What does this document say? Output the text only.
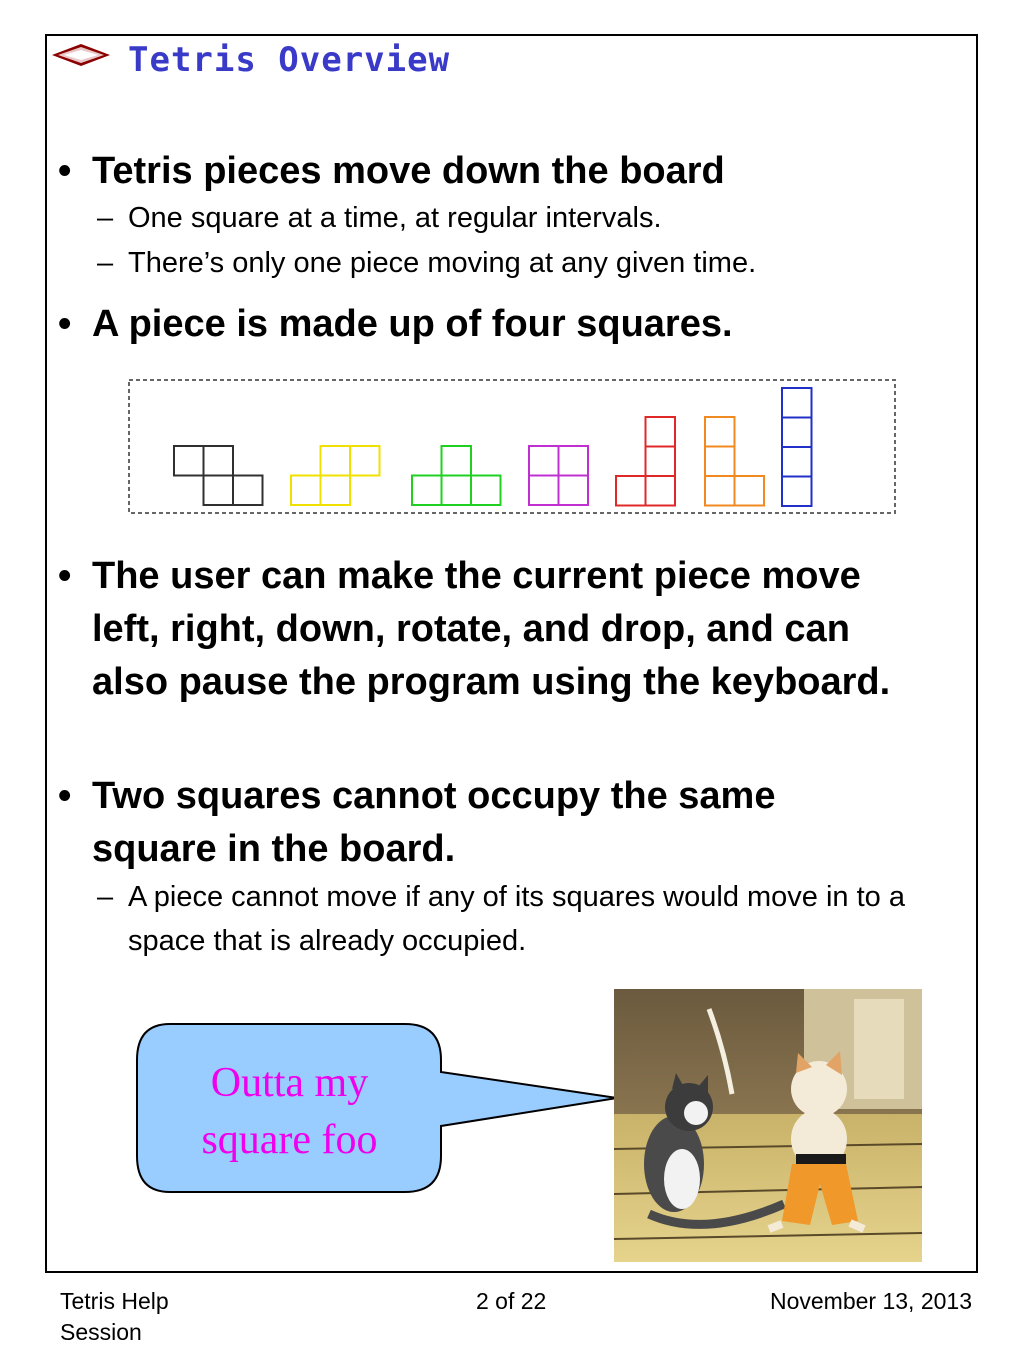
Tetris Overview
• Tetris pieces move down the board
– One square at a time, at regular intervals.
– There’s only one piece moving at any given time.
• A piece is made up of four squares.
• The user can make the current piece move left, right, down, rotate, and drop, and can also pause the program using the keyboard.
• Two squares cannot occupy the same square in the board.
– A piece cannot move if any of its squares would move in to a space that is already occupied.
Outta my
square foo
Tetris Help
Session
2 of 22	November 13, 2013
